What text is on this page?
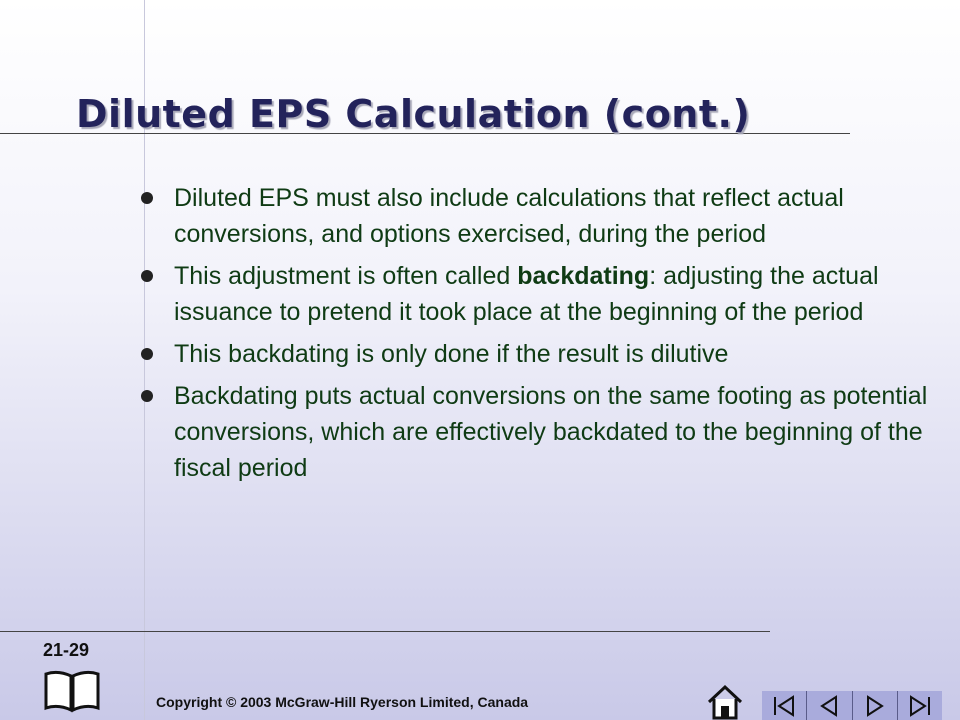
Diluted EPS Calculation (cont.)
Diluted EPS must also include calculations that reflect actual conversions, and options exercised, during the period
This adjustment is often called backdating: adjusting the actual issuance to pretend it took place at the beginning of the period
This backdating is only done if the result is dilutive
Backdating puts actual conversions on the same footing as potential conversions, which are effectively backdated to the beginning of the fiscal period
21-29
Copyright © 2003 McGraw-Hill Ryerson Limited, Canada
